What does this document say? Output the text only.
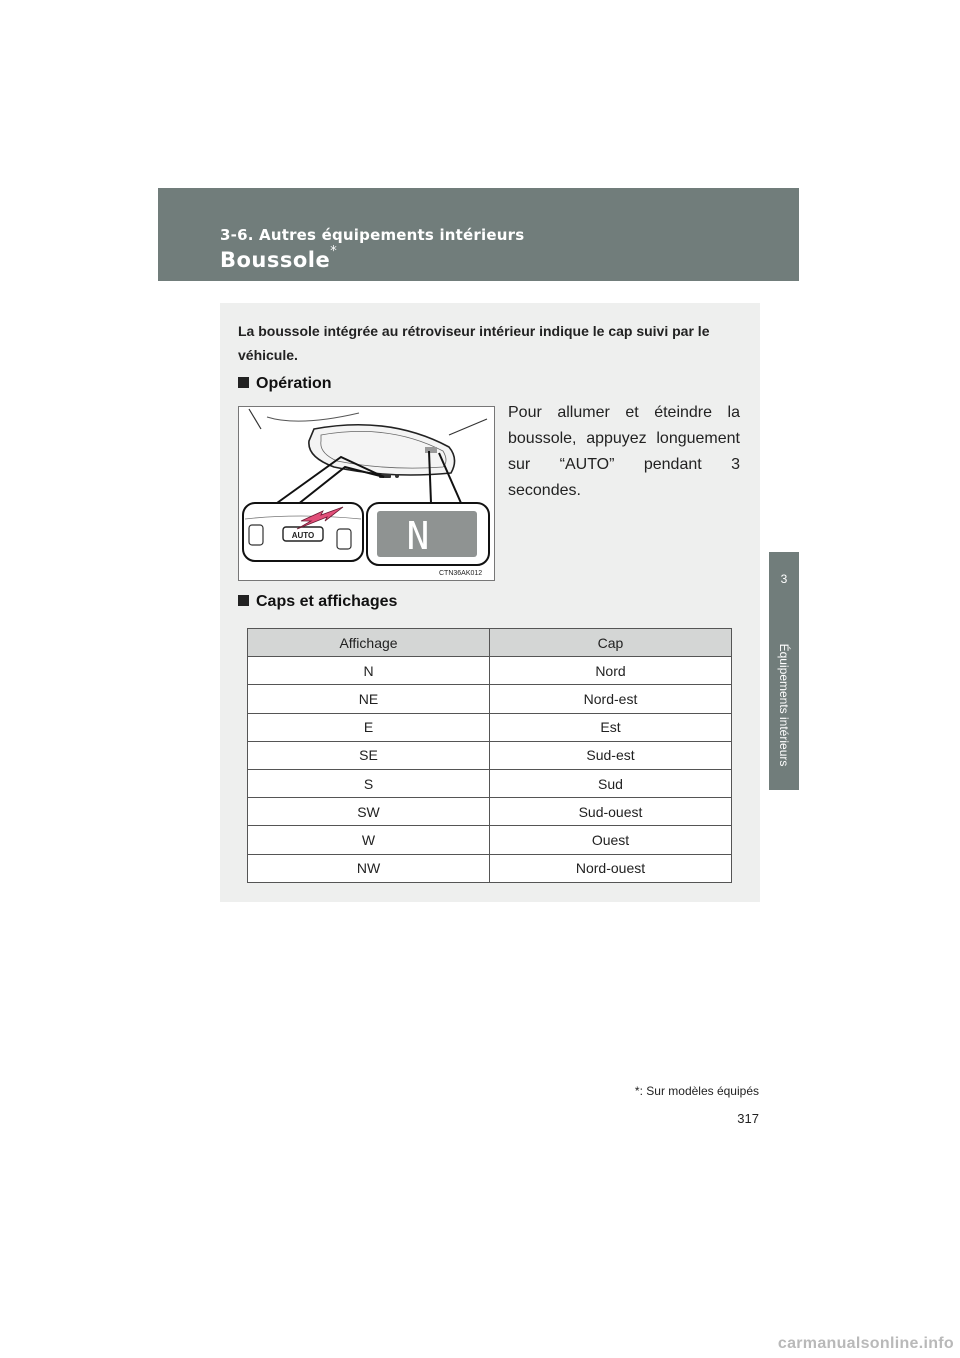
3-6. Autres équipements intérieurs
Boussole*
3
Équipements intérieurs

La boussole intégrée au rétroviseur intérieur indique le cap suivi par le véhicule.

Opération
AUTO N
CTN36AK012

Pour allumer et éteindre la boussole, appuyez longuement sur “AUTO” pendant 3 secondes.

Caps et affichages
Affichage	Cap
N	Nord
NE	Nord-est
E	Est
SE	Sud-est
S	Sud
SW	Sud-ouest
W	Ouest
NW	Nord-ouest
*: Sur modèles équipés
317
carmanualsonline.info
